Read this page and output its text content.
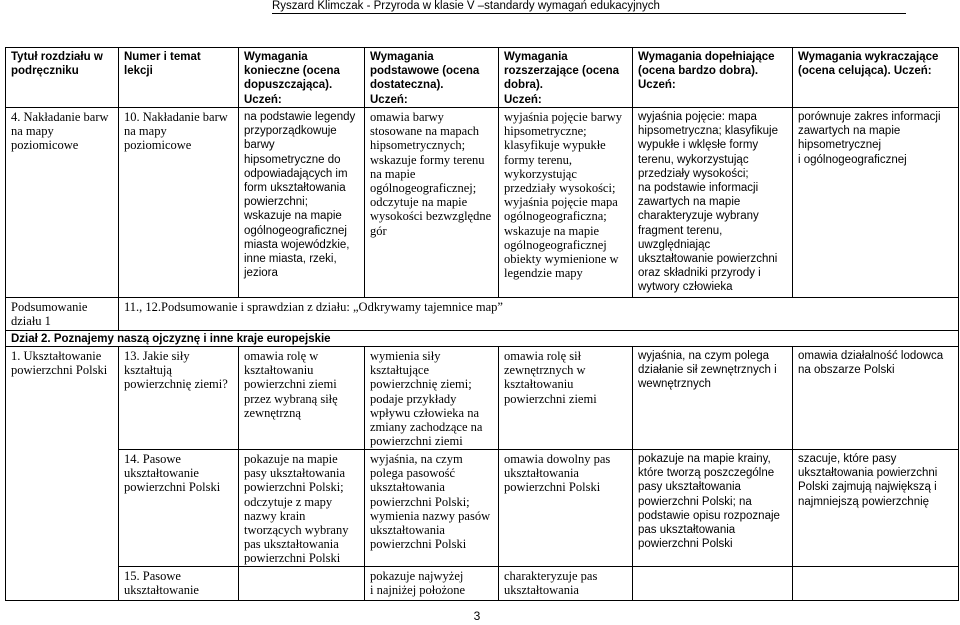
Ryszard Klimczak - Przyroda w klasie V –standardy wymagań edukacyjnych
Tytuł rozdziału w
podręczniku
Numer i temat
lekcji
Wymagania
konieczne (ocena
dopuszczająca).
Uczeń:
Wymagania
podstawowe (ocena
dostateczna).
Uczeń:
Wymagania
rozszerzające (ocena
dobra).
Uczeń:
Wymagania dopełniające
(ocena bardzo dobra).
Uczeń:
Wymagania wykraczające
(ocena celująca). Uczeń:
4. Nakładanie barw
na mapy
poziomicowe
10. Nakładanie barw
na mapy
poziomicowe
na podstawie legendy
przyporządkowuje
barwy
hipsometryczne do
odpowiadających im
form ukształtowania
powierzchni;
wskazuje na mapie
ogólnogeograficznej
miasta wojewódzkie,
inne miasta, rzeki,
jeziora
omawia barwy
stosowane na mapach
hipsometrycznych;
wskazuje formy terenu
na mapie
ogólnogeograficznej;
odczytuje na mapie
wysokości bezwzględne
gór
wyjaśnia pojęcie barwy
hipsometryczne;
klasyfikuje wypukłe
formy terenu,
wykorzystując
przedziały wysokości;
wyjaśnia pojęcie mapa
ogólnogeograficzna;
wskazuje na mapie
ogólnogeograficznej
obiekty wymienione w
legendzie mapy
wyjaśnia pojęcie: mapa
hipsometryczna; klasyfikuje
wypukłe i wklęsłe formy
terenu, wykorzystując
przedziały wysokości;
na podstawie informacji
zawartych na mapie
charakteryzuje wybrany
fragment terenu,
uwzględniając
ukształtowanie powierzchni
oraz składniki przyrody i
wytwory człowieka
porównuje zakres informacji
zawartych na mapie
hipsometrycznej
i ogólnogeograficznej
Podsumowanie
działu 1
11., 12.Podsumowanie i sprawdzian z działu: „Odkrywamy tajemnice map”
Dział 2. Poznajemy naszą ojczyznę i inne kraje europejskie
1. Ukształtowanie
powierzchni Polski
13. Jakie siły
kształtują
powierzchnię ziemi?
omawia rolę w
kształtowaniu
powierzchni ziemi
przez wybraną siłę
zewnętrzną
wymienia siły
kształtujące
powierzchnię ziemi;
podaje przykłady
wpływu człowieka na
zmiany zachodzące na
powierzchni ziemi
omawia rolę sił
zewnętrznych w
kształtowaniu
powierzchni ziemi
wyjaśnia, na czym polega
działanie sił zewnętrznych i
wewnętrznych
omawia działalność lodowca
na obszarze Polski
14. Pasowe
ukształtowanie
powierzchni Polski
pokazuje na mapie
pasy ukształtowania
powierzchni Polski;
odczytuje z mapy
nazwy krain
tworzących wybrany
pas ukształtowania
powierzchni Polski
wyjaśnia, na czym
polega pasowość
ukształtowania
powierzchni Polski;
wymienia nazwy pasów
ukształtowania
powierzchni Polski
omawia dowolny pas
ukształtowania
powierzchni Polski
pokazuje na mapie krainy,
które tworzą poszczególne
pasy ukształtowania
powierzchni Polski; na
podstawie opisu rozpoznaje
pas ukształtowania
powierzchni Polski
szacuje, które pasy
ukształtowania powierzchni
Polski zajmują największą i
najmniejszą powierzchnię
15. Pasowe
ukształtowanie
pokazuje najwyżej
i najniżej położone
charakteryzuje pas
ukształtowania
3
